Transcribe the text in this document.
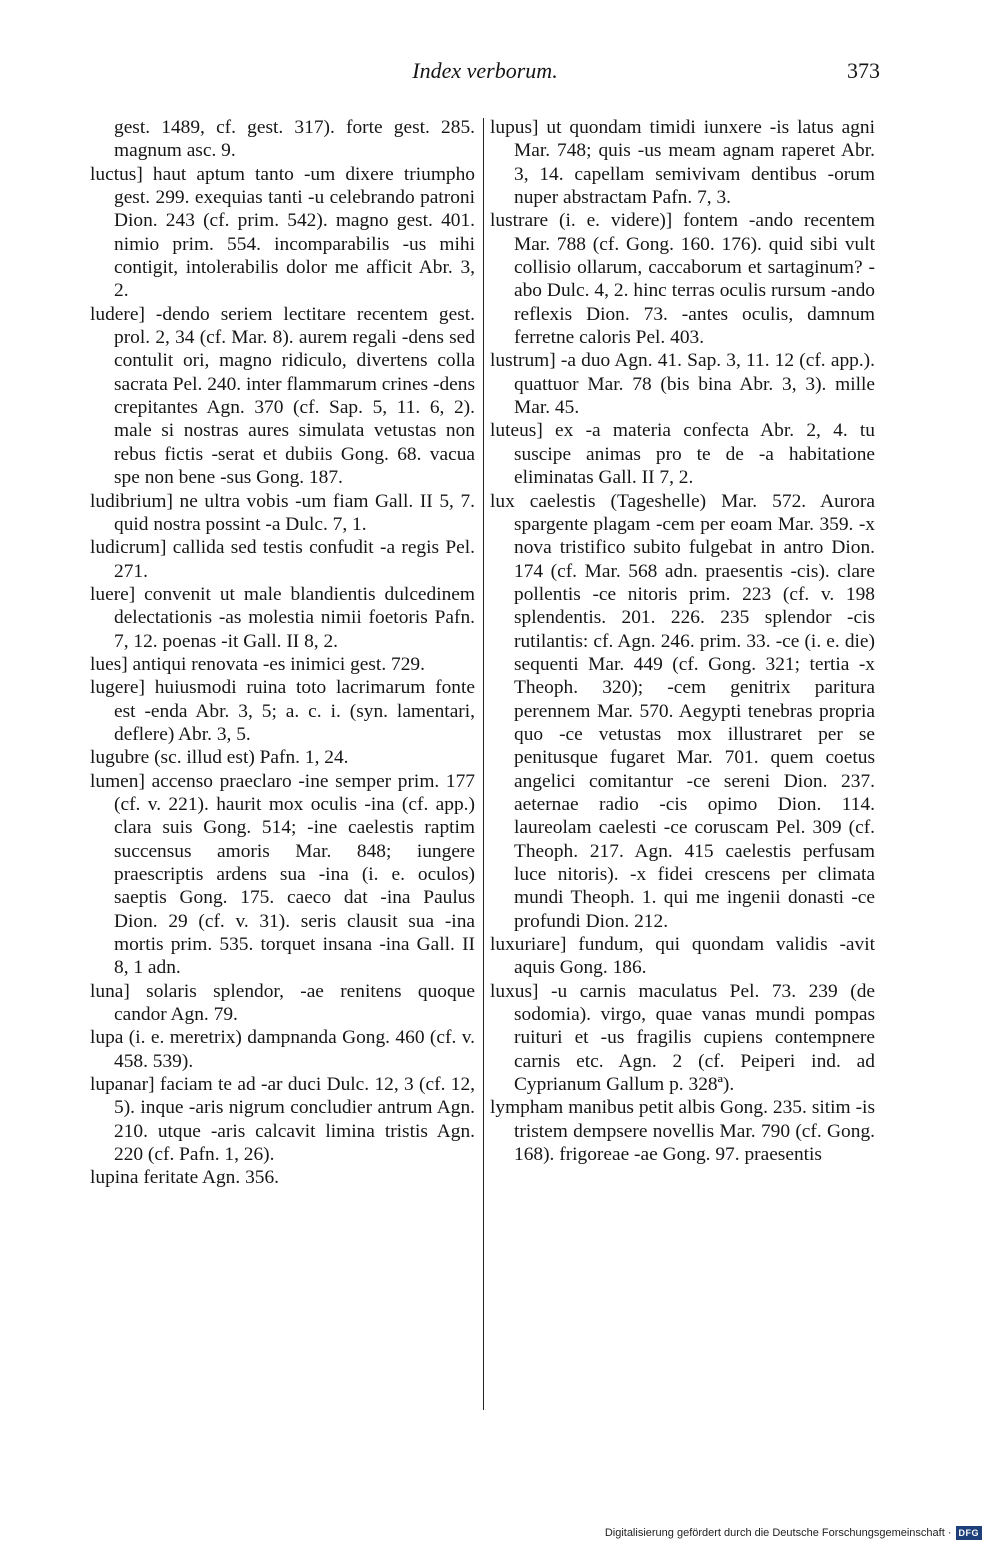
Index verborum.	373

gest. 1489, cf. gest. 317). forte gest. 285. magnum asc. 9.

luctus] haut aptum tanto -um dixere triumpho gest. 299. exequias tanti -u celebrando patroni Dion. 243 (cf. prim. 542). magno gest. 401. nimio prim. 554. incomparabilis -us mihi contigit, intolerabilis dolor me afficit Abr. 3, 2.

ludere] -dendo seriem lectitare recentem gest. prol. 2, 34 (cf. Mar. 8). aurem regali -dens sed contulit ori, magno ridiculo, divertens colla sacrata Pel. 240. inter flammarum crines -dens crepitantes Agn. 370 (cf. Sap. 5, 11. 6, 2). male si nostras aures simulata vetustas non rebus fictis -serat et dubiis Gong. 68. vacua spe non bene -sus Gong. 187.

ludibrium] ne ultra vobis -um fiam Gall. II 5, 7. quid nostra possint -a Dulc. 7, 1.

ludicrum] callida sed testis confudit -a regis Pel. 271.

luere] convenit ut male blandientis dulcedinem delectationis -as molestia nimii foetoris Pafn. 7, 12. poenas -it Gall. II 8, 2.

lues] antiqui renovata -es inimici gest. 729.

lugere] huiusmodi ruina toto lacrimarum fonte est -enda Abr. 3, 5; a. c. i. (syn. lamentari, deflere) Abr. 3, 5.

lugubre (sc. illud est) Pafn. 1, 24.

lumen] accenso praeclaro -ine semper prim. 177 (cf. v. 221). haurit mox oculis -ina (cf. app.) clara suis Gong. 514; -ine caelestis raptim succensus amoris Mar. 848; iungere praescriptis ardens sua -ina (i. e. oculos) saeptis Gong. 175. caeco dat -ina Paulus Dion. 29 (cf. v. 31). seris clausit sua -ina mortis prim. 535. torquet insana -ina Gall. II 8, 1 adn.

luna] solaris splendor, -ae renitens quoque candor Agn. 79.

lupa (i. e. meretrix) dampnanda Gong. 460 (cf. v. 458. 539).

lupanar] faciam te ad -ar duci Dulc. 12, 3 (cf. 12, 5). inque -aris nigrum concludier antrum Agn. 210. utque -aris calcavit limina tristis Agn. 220 (cf. Pafn. 1, 26).

lupina feritate Agn. 356.

lupus] ut quondam timidi iunxere -is latus agni Mar. 748; quis -us meam agnam raperet Abr. 3, 14. capellam semivivam dentibus -orum nuper abstractam Pafn. 7, 3.

lustrare (i. e. videre)] fontem -ando recentem Mar. 788 (cf. Gong. 160. 176). quid sibi vult collisio ollarum, caccaborum et sartaginum? -abo Dulc. 4, 2. hinc terras oculis rursum -ando reflexis Dion. 73. -antes oculis, damnum ferretne caloris Pel. 403.

lustrum] -a duo Agn. 41. Sap. 3, 11. 12 (cf. app.). quattuor Mar. 78 (bis bina Abr. 3, 3). mille Mar. 45.

luteus] ex -a materia confecta Abr. 2, 4. tu suscipe animas pro te de -a habitatione eliminatas Gall. II 7, 2.

lux caelestis (Tageshelle) Mar. 572. Aurora spargente plagam -cem per eoam Mar. 359. -x nova tristifico subito fulgebat in antro Dion. 174 (cf. Mar. 568 adn. praesentis -cis). clare pollentis -ce nitoris prim. 223 (cf. v. 198 splendentis. 201. 226. 235 splendor -cis rutilantis: cf. Agn. 246. prim. 33. -ce (i. e. die) sequenti Mar. 449 (cf. Gong. 321; tertia -x Theoph. 320); -cem genitrix paritura perennem Mar. 570. Aegypti tenebras propria quo -ce vetustas mox illustraret per se penitusque fugaret Mar. 701. quem coetus angelici comitantur -ce sereni Dion. 237. aeternae radio -cis opimo Dion. 114. laureolam caelesti -ce coruscam Pel. 309 (cf. Theoph. 217. Agn. 415 caelestis perfusam luce nitoris). -x fidei crescens per climata mundi Theoph. 1. qui me ingenii donasti -ce profundi Dion. 212.

luxuriare] fundum, qui quondam validis -avit aquis Gong. 186.

luxus] -u carnis maculatus Pel. 73. 239 (de sodomia). virgo, quae vanas mundi pompas ruituri et -us fragilis cupiens contempnere carnis etc. Agn. 2 (cf. Peiperi ind. ad Cyprianum Gallum p. 328ª).

lympham manibus petit albis Gong. 235. sitim -is tristem dempsere novellis Mar. 790 (cf. Gong. 168). frigoreae -ae Gong. 97. praesentis

Digitalisierung gefördert durch die Deutsche Forschungsgemeinschaft · DFG
